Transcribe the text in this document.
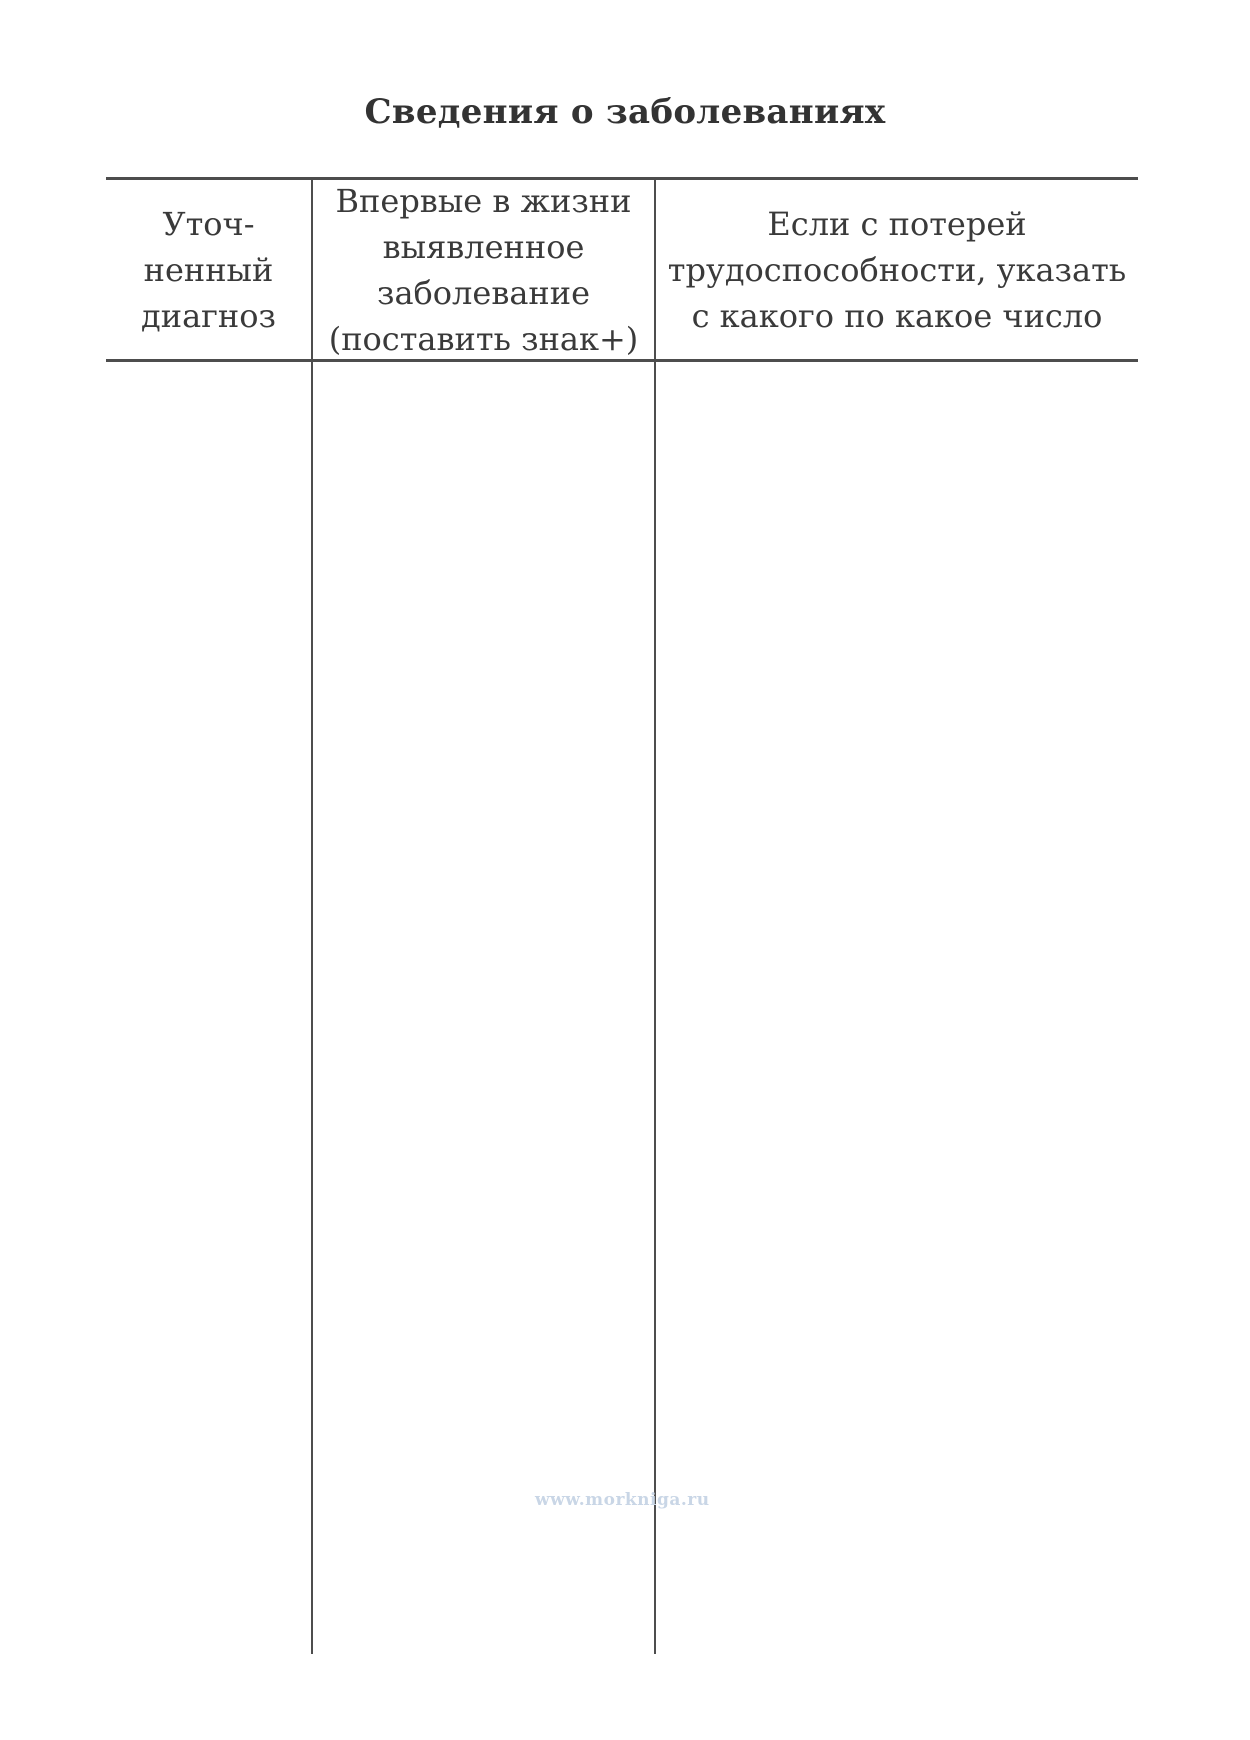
Сведения о заболеваниях
Уточ-
ненный
диагноз
Впервые в жизни
выявленное
заболевание
(поставить знак+)
Если с потерей
трудоспособности, указать
с какого по какое число
www.morkniga.ru
